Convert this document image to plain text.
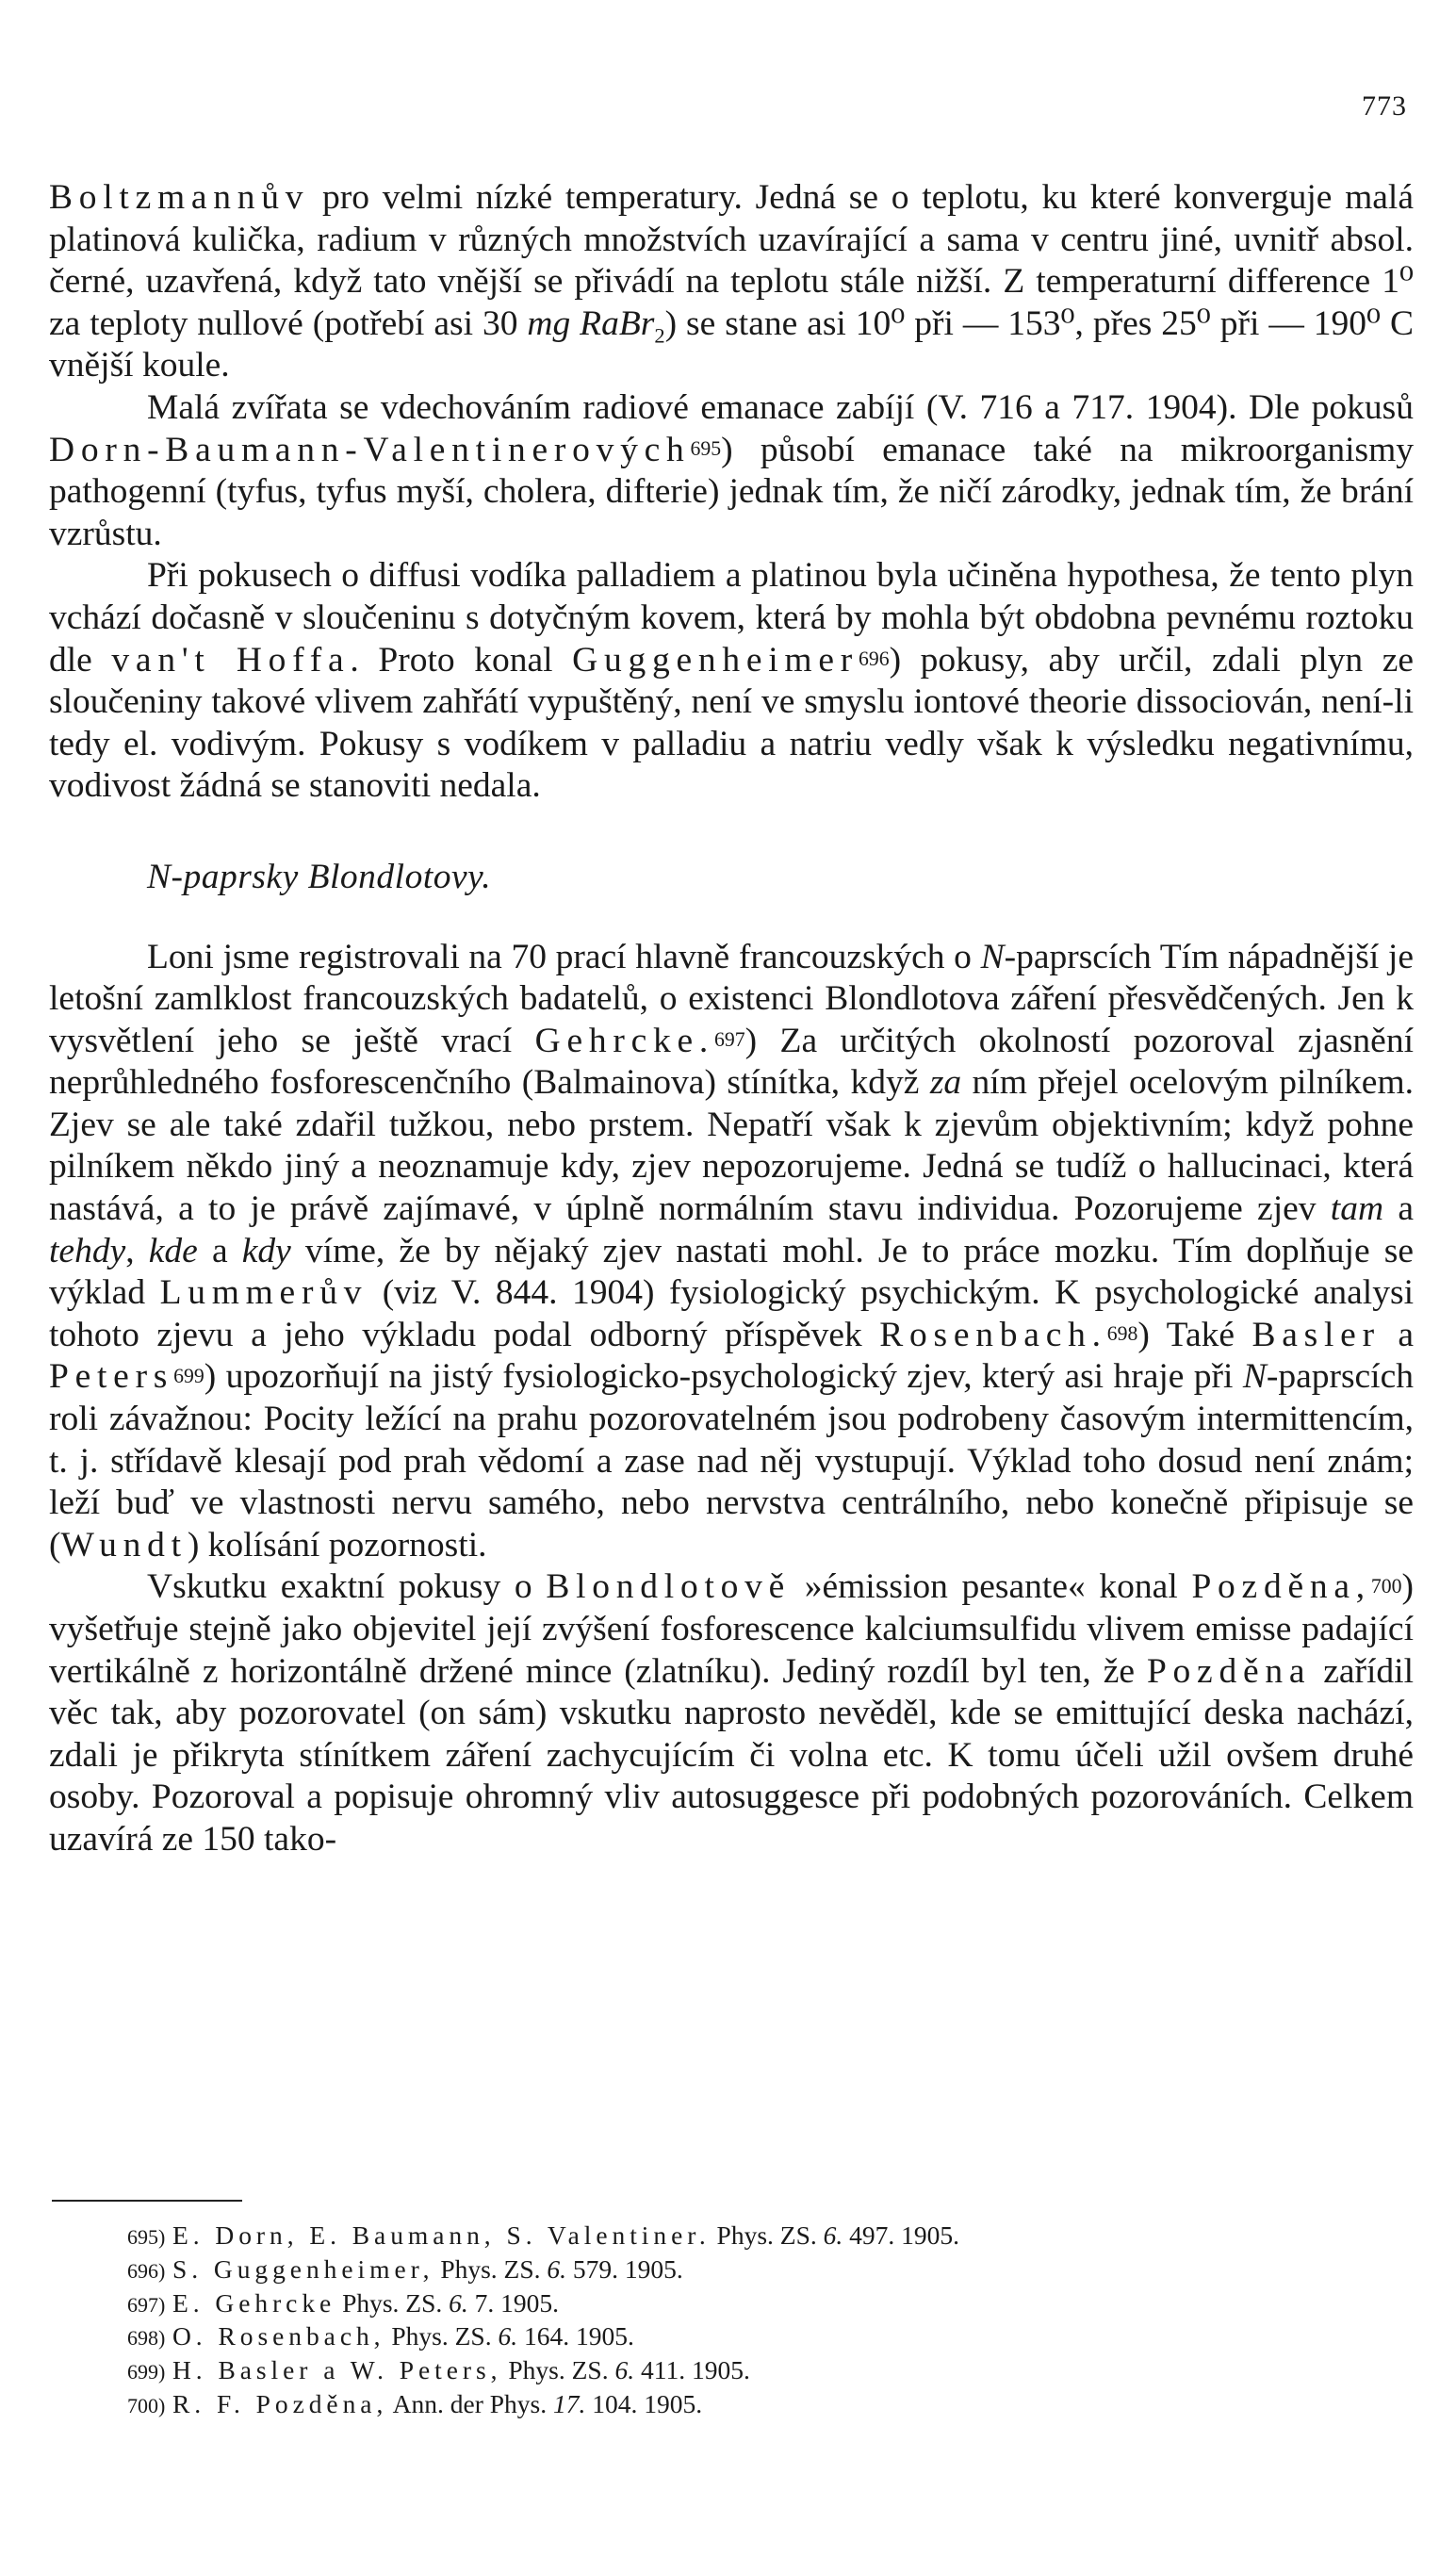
773

Boltzmannův pro velmi nízké temperatury. Jedná se o teplotu, ku které konverguje malá platinová kulička, radium v různých množstvích uzavírající a sama v centru jiné, uvnitř absol. černé, uzavřená, když tato vnější se přivádí na teplotu stále nižší. Z temperaturní difference 1⁰ za teploty nullové (potřebí asi 30 mg RaBr$_2$) se stane asi 10⁰ při — 153⁰, přes 25⁰ při — 190⁰ C vnější koule.

Malá zvířata se vdechováním radiové emanace zabíjí (V. 716 a 717. 1904). Dle pokusů Dorn-Baumann-Valentinerových$^{695}$) působí emanace také na mikroorganismy pathogenní (tyfus, tyfus myší, cholera, difterie) jednak tím, že ničí zárodky, jednak tím, že brání vzrůstu.

Při pokusech o diffusi vodíka palladiem a platinou byla učiněna hypothesa, že tento plyn vchází dočasně v sloučeninu s dotyčným kovem, která by mohla být obdobna pevnému roztoku dle van't Hoffa. Proto konal Guggenheimer$^{696}$) pokusy, aby určil, zdali plyn ze sloučeniny takové vlivem zahřátí vypuštěný, není ve smyslu iontové theorie dissociován, není-li tedy el. vodivým. Pokusy s vodíkem v palladiu a natriu vedly však k výsledku negativnímu, vodivost žádná se stanoviti nedala.

N-paprsky Blondlotovy.

Loni jsme registrovali na 70 prací hlavně francouzských o N-paprscích Tím nápadnější je letošní zamlklost francouzských badatelů, o existenci Blondlotova záření přesvědčených. Jen k vysvětlení jeho se ještě vrací Gehrcke.$^{697}$) Za určitých okolností pozoroval zjasnění neprůhledného fosforescenčního (Balmainova) stínítka, když za ním přejel ocelovým pilníkem. Zjev se ale také zdařil tužkou, nebo prstem. Nepatří však k zjevům objektivním; když pohne pilníkem někdo jiný a neoznamuje kdy, zjev nepozorujeme. Jedná se tudíž o hallucinaci, která nastává, a to je právě zajímavé, v úplně normálním stavu individua. Pozorujeme zjev tam a tehdy, kde a kdy víme, že by nějaký zjev nastati mohl. Je to práce mozku. Tím doplňuje se výklad Lummerův (viz V. 844. 1904) fysiologický psychickým. K psychologické analysi tohoto zjevu a jeho výkladu podal odborný příspěvek Rosenbach.$^{698}$) Také Basler a Peters$^{699}$) upozorňují na jistý fysiologicko-psychologický zjev, který asi hraje při N-paprscích roli závažnou: Pocity ležící na prahu pozorovatelném jsou podrobeny časovým intermittencím, t. j. střídavě klesají pod prah vědomí a zase nad něj vystupují. Výklad toho dosud není znám; leží buď ve vlastnosti nervu samého, nebo nervstva centrálního, nebo konečně připisuje se (Wundt) kolísání pozornosti.

Vskutku exaktní pokusy o Blondlotově »émission pesante« konal Pozděna,$^{700}$) vyšetřuje stejně jako objevitel její zvýšení fosforescence kalciumsulfidu vlivem emisse padající vertikálně z horizontálně držené mince (zlatníku). Jediný rozdíl byl ten, že Pozděna zařídil věc tak, aby pozorovatel (on sám) vskutku naprosto nevěděl, kde se emittující deska nachází, zdali je přikryta stínítkem záření zachycujícím či volna etc. K tomu účeli užil ovšem druhé osoby. Pozoroval a popisuje ohromný vliv autosuggesce při podobných pozorováních. Celkem uzavírá ze 150 tako-

695) E. Dorn, E. Baumann, S. Valentiner. Phys. ZS. 6. 497. 1905.
696) S. Guggenheimer, Phys. ZS. 6. 579. 1905.
697) E. Gehrcke Phys. ZS. 6. 7. 1905.
698) O. Rosenbach, Phys. ZS. 6. 164. 1905.
699) H. Basler a W. Peters, Phys. ZS. 6. 411. 1905.
700) R. F. Pozděna, Ann. der Phys. 17. 104. 1905.
